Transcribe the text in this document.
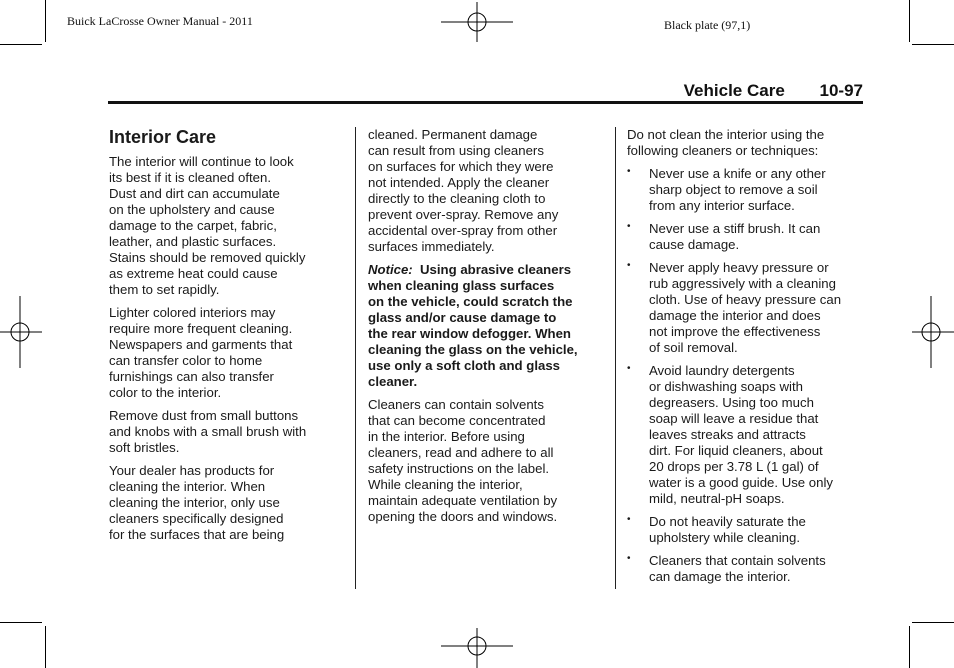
Buick LaCrosse Owner Manual - 2011	Black plate (97,1)
Vehicle Care 10-97
Interior Care

The interior will continue to look
its best if it is cleaned often.
Dust and dirt can accumulate
on the upholstery and cause
damage to the carpet, fabric,
leather, and plastic surfaces.
Stains should be removed quickly
as extreme heat could cause
them to set rapidly.

Lighter colored interiors may
require more frequent cleaning.
Newspapers and garments that
can transfer color to home
furnishings can also transfer
color to the interior.

Remove dust from small buttons
and knobs with a small brush with
soft bristles.

Your dealer has products for
cleaning the interior. When
cleaning the interior, only use
cleaners specifically designed
for the surfaces that are being

cleaned. Permanent damage
can result from using cleaners
on surfaces for which they were
not intended. Apply the cleaner
directly to the cleaning cloth to
prevent over-spray. Remove any
accidental over-spray from other
surfaces immediately.

Notice: Using abrasive cleaners
when cleaning glass surfaces
on the vehicle, could scratch the
glass and/or cause damage to
the rear window defogger. When
cleaning the glass on the vehicle,
use only a soft cloth and glass
cleaner.

Cleaners can contain solvents
that can become concentrated
in the interior. Before using
cleaners, read and adhere to all
safety instructions on the label.
While cleaning the interior,
maintain adequate ventilation by
opening the doors and windows.

Do not clean the interior using the
following cleaners or techniques:

• Never use a knife or any other
sharp object to remove a soil
from any interior surface.
• Never use a stiff brush. It can
cause damage.
• Never apply heavy pressure or
rub aggressively with a cleaning
cloth. Use of heavy pressure can
damage the interior and does
not improve the effectiveness
of soil removal.
• Avoid laundry detergents
or dishwashing soaps with
degreasers. Using too much
soap will leave a residue that
leaves streaks and attracts
dirt. For liquid cleaners, about
20 drops per 3.78 L (1 gal) of
water is a good guide. Use only
mild, neutral-pH soaps.
• Do not heavily saturate the
upholstery while cleaning.
• Cleaners that contain solvents
can damage the interior.
